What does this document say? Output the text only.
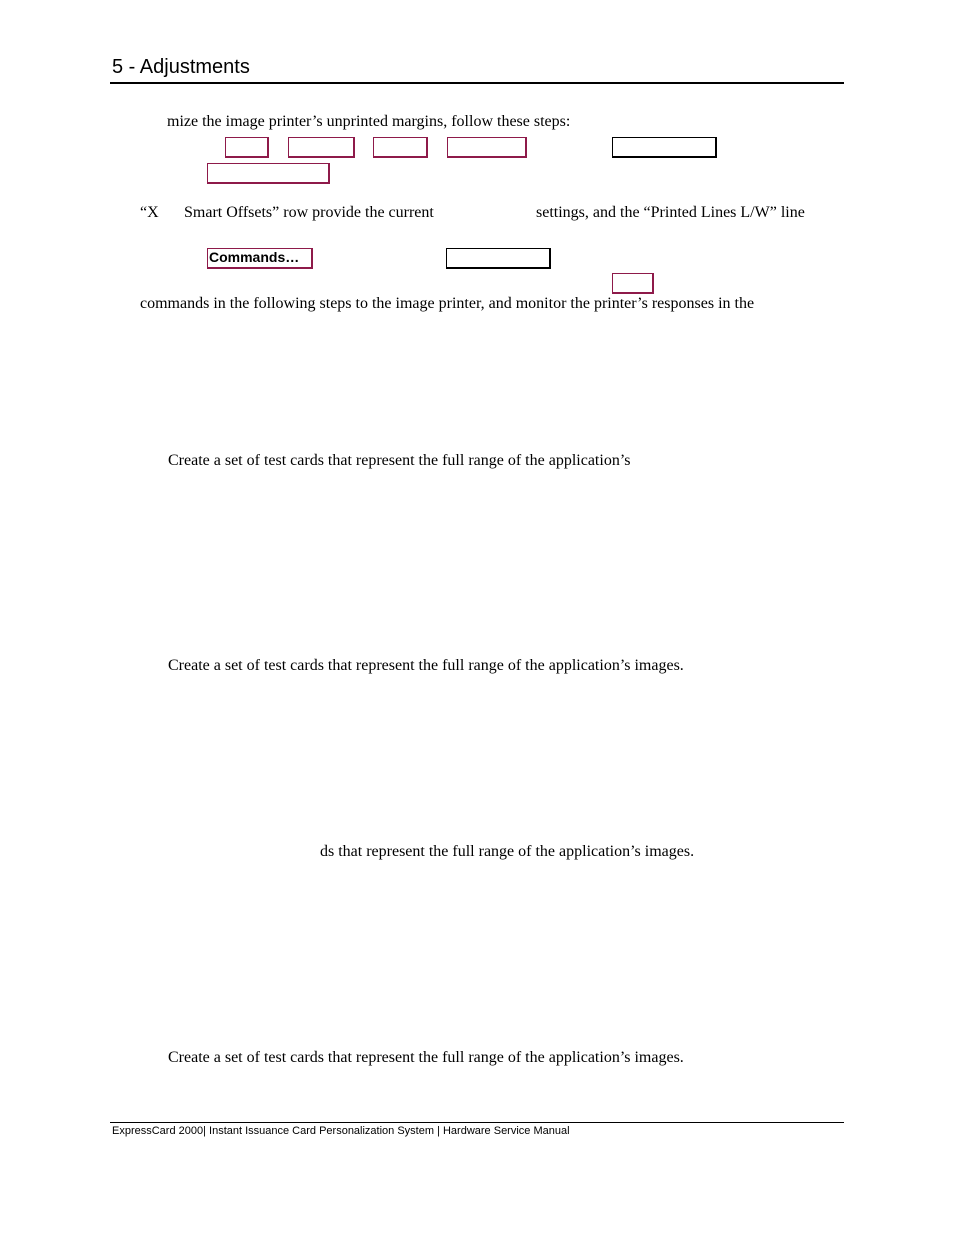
5 - Adjustments
mize the image printer’s unprinted margins, follow these steps:
“X Smart Offsets” row provide the current	settings, and the “Printed Lines L/W” line
Commands…
commands in the following steps to the image printer, and monitor the printer’s responses in the
Create a set of test cards that represent the full range of the application’s
Create a set of test cards that represent the full range of the application’s images.
ds that represent the full range of the application’s images.
Create a set of test cards that represent the full range of the application’s images.
ExpressCard 2000| Instant Issuance Card Personalization System | Hardware Service Manual
